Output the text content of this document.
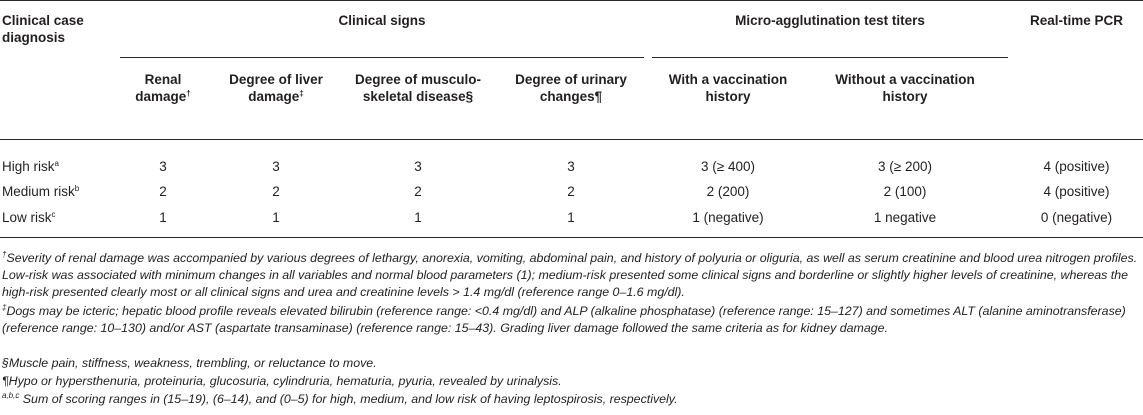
Clinical case diagnosis
Clinical signs	Micro-agglutination test titers	Real-time PCR
Renal damage†
Degree of liver damage‡
Degree of musculo-skeletal disease§
Degree of urinary changes¶
With a vaccination history
Without a vaccination history
High risk$^a$	3	3	3	3	3 (≥ 400)	3 (≥ 200)	4 (positive)
Medium risk$^b$	2	2	2	2	2 (200)	2 (100)	4 (positive)
Low risk$^c$	1	1	1	1	1 (negative)	1 negative	0 (negative)
†Severity of renal damage was accompanied by various degrees of lethargy, anorexia, vomiting, abdominal pain, and history of polyuria or oliguria, as well as serum creatinine and blood urea nitrogen profiles. Low-risk was associated with minimum changes in all variables and normal blood parameters (1); medium-risk presented some clinical signs and borderline or slightly higher levels of creatinine, whereas the high-risk presented clearly most or all clinical signs and urea and creatinine levels > 1.4 mg/dl (reference range 0–1.6 mg/dl).
‡Dogs may be icteric; hepatic blood profile reveals elevated bilirubin (reference range: <0.4 mg/dl) and ALP (alkaline phosphatase) (reference range: 15–127) and sometimes ALT (alanine aminotransferase) (reference range: 10–130) and/or AST (aspartate transaminase) (reference range: 15–43). Grading liver damage followed the same criteria as for kidney damage.
§Muscle pain, stiffness, weakness, trembling, or reluctance to move.
¶Hypo or hypersthenuria, proteinuria, glucosuria, cylindruria, hematuria, pyuria, revealed by urinalysis.
$^{a,b,c}$ Sum of scoring ranges in (15–19), (6–14), and (0–5) for high, medium, and low risk of having leptospirosis, respectively.
